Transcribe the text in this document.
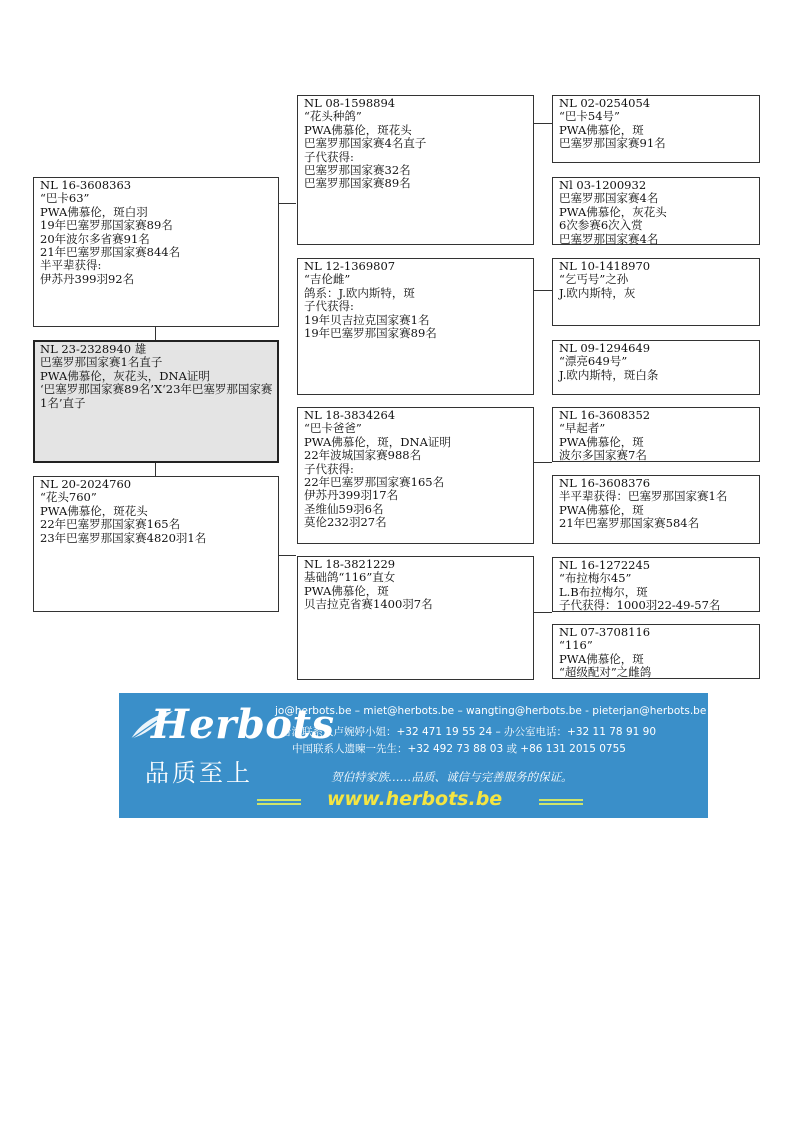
NL 16-3608363
“巴卡63”
PWA佛慕伦，斑白羽
19年巴塞罗那国家赛89名
20年波尔多省赛91名
21年巴塞罗那国家赛844名
半平辈获得:
伊苏丹399羽92名
NL 23-2328940 雄
巴塞罗那国家赛1名直子
PWA佛慕伦，灰花头，DNA证明
‘巴塞罗那国家赛89名’X‘23年巴塞罗那国家赛1名’直子
NL 20-2024760
“花头760”
PWA佛慕伦，斑花头
22年巴塞罗那国家赛165名
23年巴塞罗那国家赛4820羽1名
NL 08-1598894
“花头种鸽”
PWA佛慕伦，斑花头
巴塞罗那国家赛4名直子
子代获得:
巴塞罗那国家赛32名
巴塞罗那国家赛89名
NL 12-1369807
“吉伦雌”
鸽系：J.欧内斯特，斑
子代获得:
19年贝吉拉克国家赛1名
19年巴塞罗那国家赛89名
NL 18-3834264
“巴卡爸爸”
PWA佛慕伦，斑，DNA证明
22年波城国家赛988名
子代获得:
22年巴塞罗那国家赛165名
伊苏丹399羽17名
圣维仙59羽6名
莫伦232羽27名
NL 18-3821229
基础鸽“116”直女
PWA佛慕伦，斑
贝吉拉克省赛1400羽7名
NL 02-0254054
“巴卡54号”
PWA佛慕伦，斑
巴塞罗那国家赛91名
Nl 03-1200932
巴塞罗那国家赛4名
PWA佛慕伦，灰花头
6次参赛6次入赏
巴塞罗那国家赛4名
NL 10-1418970
“乞丐号”之孙
J.欧内斯特，灰
NL 09-1294649
“漂亮649号”
J.欧内斯特，斑白条
NL 16-3608352
“早起者”
PWA佛慕伦，斑
波尔多国家赛7名
NL 16-3608376
半平辈获得：巴塞罗那国家赛1名
PWA佛慕伦，斑
21年巴塞罗那国家赛584名
NL 16-1272245
“布拉梅尔45”
L.B布拉梅尔，斑
子代获得：1000羽22-49-57名
NL 07-3708116
“116”
PWA佛慕伦，斑
“超级配对”之雌鸽
Herbots
品质至上
jo@herbots.be – miet@herbots.be – wangting@herbots.be - pieterjan@herbots.be
台湾联系人卢婉婷小姐：+32 471 19 55 24 – 办公室电话：+32 11 78 91 90
中国联系人遗暕一先生：+32 492 73 88 03 或 +86 131 2015 0755
贺伯特家族……品质、诚信与完善服务的保证。
www.herbots.be
